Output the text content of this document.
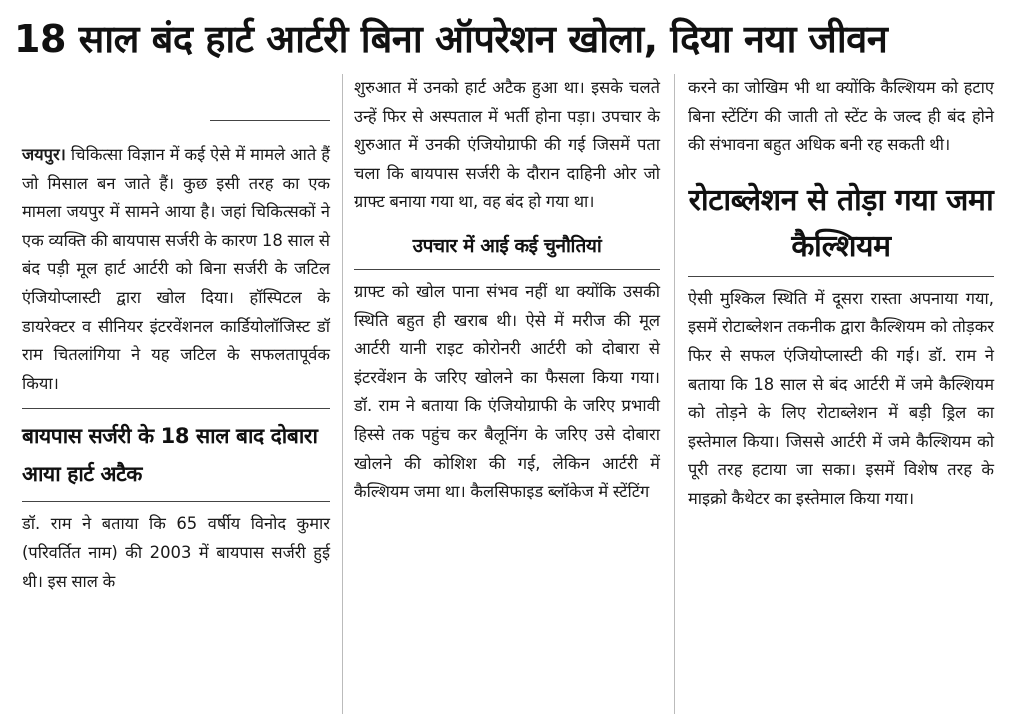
18 साल बंद हार्ट आर्टरी बिना ऑपरेशन खोला, दिया नया जीवन

जयपुर। चिकित्सा विज्ञान में कई ऐसे में मामले आते हैं जो मिसाल बन जाते हैं। कुछ इसी तरह का एक मामला जयपुर में सामने आया है। जहां चिकित्सकों ने एक व्यक्ति की बायपास सर्जरी के कारण 18 साल से बंद पड़ी मूल हार्ट आर्टरी को बिना सर्जरी के जटिल एंजियोप्लास्टी द्वारा खोल दिया। हॉस्पिटल के डायरेक्टर व सीनियर इंटरवेंशनल कार्डियोलॉजिस्ट डॉ राम चितलांगिया ने यह जटिल के सफलतापूर्वक किया।

बायपास सर्जरी के 18 साल बाद दोबारा आया हार्ट अटैक

डॉ. राम ने बताया कि 65 वर्षीय विनोद कुमार (परिवर्तित नाम) की 2003 में बायपास सर्जरी हुई थी। इस साल के

शुरुआत में उनको हार्ट अटैक हुआ था। इसके चलते उन्हें फिर से अस्पताल में भर्ती होना पड़ा। उपचार के शुरुआत में उनकी एंजियोग्राफी की गई जिसमें पता चला कि बायपास सर्जरी के दौरान दाहिनी ओर जो ग्राफ्ट बनाया गया था, वह बंद हो गया था।

उपचार में आई कई चुनौतियां

ग्राफ्ट को खोल पाना संभव नहीं था क्योंकि उसकी स्थिति बहुत ही खराब थी। ऐसे में मरीज की मूल आर्टरी यानी राइट कोरोनरी आर्टरी को दोबारा से इंटरवेंशन के जरिए खोलने का फैसला किया गया। डॉ. राम ने बताया कि एंजियोग्राफी के जरिए प्रभावी हिस्से तक पहुंच कर बैलूनिंग के जरिए उसे दोबारा खोलने की कोशिश की गई, लेकिन आर्टरी में कैल्शियम जमा था। कैलसिफाइड ब्लॉकेज में स्टेंटिंग

करने का जोखिम भी था क्योंकि कैल्शियम को हटाए बिना स्टेंटिंग की जाती तो स्टेंट के जल्द ही बंद होने की संभावना बहुत अधिक बनी रह सकती थी।

रोटाब्लेशन से तोड़ा गया जमा कैल्शियम

ऐसी मुश्किल स्थिति में दूसरा रास्ता अपनाया गया, इसमें रोटाब्लेशन तकनीक द्वारा कैल्शियम को तोड़कर फिर से सफल एंजियोप्लास्टी की गई। डॉ. राम ने बताया कि 18 साल से बंद आर्टरी में जमे कैल्शियम को तोड़ने के लिए रोटाब्लेशन में बड़ी ड्रिल का इस्तेमाल किया। जिससे आर्टरी में जमे कैल्शियम को पूरी तरह हटाया जा सका। इसमें विशेष तरह के माइक्रो कैथेटर का इस्तेमाल किया गया।
